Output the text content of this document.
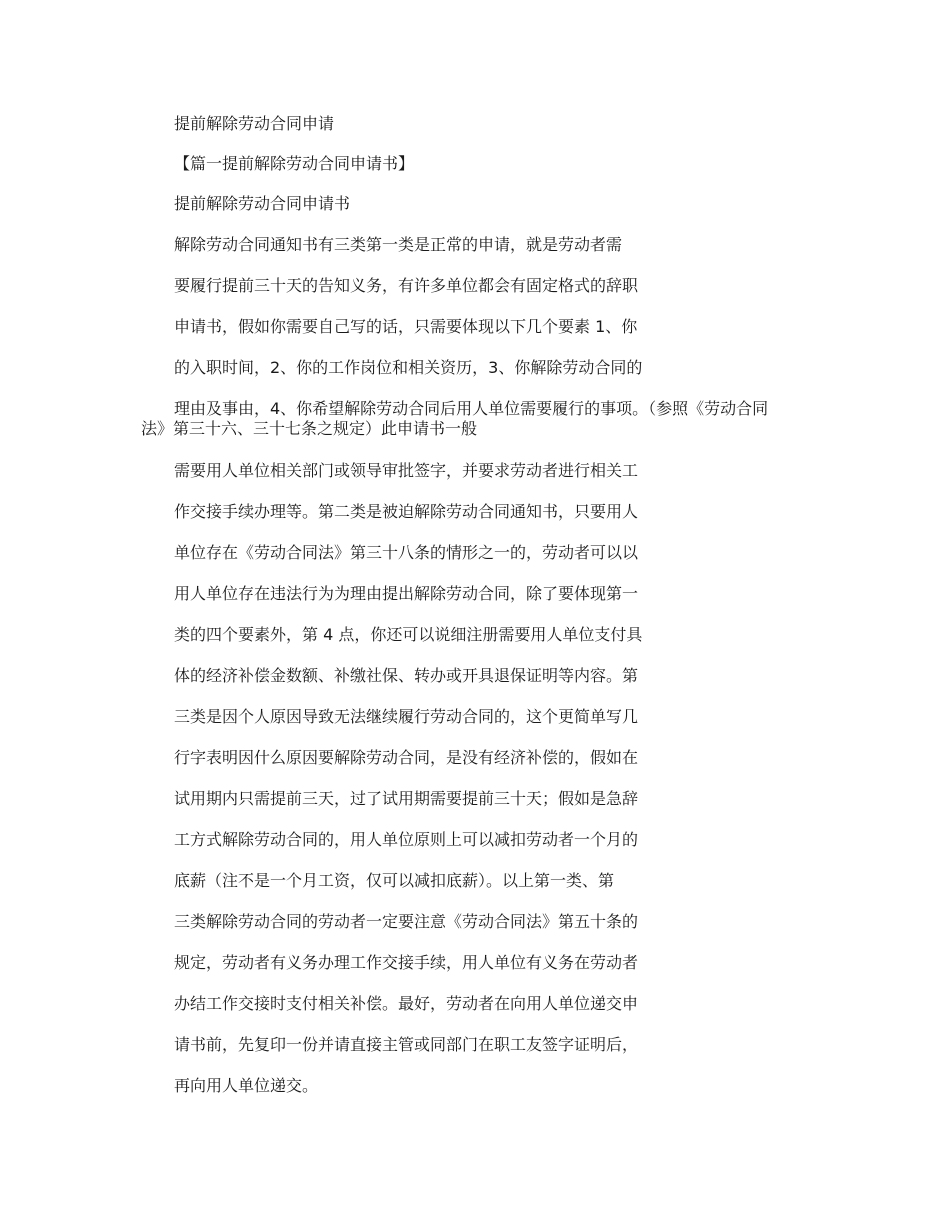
提前解除劳动合同申请
【篇一提前解除劳动合同申请书】
提前解除劳动合同申请书
解除劳动合同通知书有三类第一类是正常的申请，就是劳动者需
要履行提前三十天的告知义务，有许多单位都会有固定格式的辞职
申请书，假如你需要自己写的话，只需要体现以下几个要素 1、你
的入职时间，2、你的工作岗位和相关资历，3、你解除劳动合同的
理由及事由，4、你希望解除劳动合同后用人单位需要履行的事项。（参照《劳动合同
法》第三十六、三十七条之规定）此申请书一般
需要用人单位相关部门或领导审批签字，并要求劳动者进行相关工
作交接手续办理等。第二类是被迫解除劳动合同通知书，只要用人
单位存在《劳动合同法》第三十八条的情形之一的，劳动者可以以
用人单位存在违法行为为理由提出解除劳动合同，除了要体现第一
类的四个要素外，第 4 点，你还可以说细注册需要用人单位支付具
体的经济补偿金数额、补缴社保、转办或开具退保证明等内容。第
三类是因个人原因导致无法继续履行劳动合同的，这个更简单写几
行字表明因什么原因要解除劳动合同，是没有经济补偿的，假如在
试用期内只需提前三天，过了试用期需要提前三十天；假如是急辞
工方式解除劳动合同的，用人单位原则上可以减扣劳动者一个月的
底薪（注不是一个月工资，仅可以减扣底薪）。以上第一类、第
三类解除劳动合同的劳动者一定要注意《劳动合同法》第五十条的
规定，劳动者有义务办理工作交接手续，用人单位有义务在劳动者
办结工作交接时支付相关补偿。最好，劳动者在向用人单位递交申
请书前，先复印一份并请直接主管或同部门在职工友签字证明后，
再向用人单位递交。
